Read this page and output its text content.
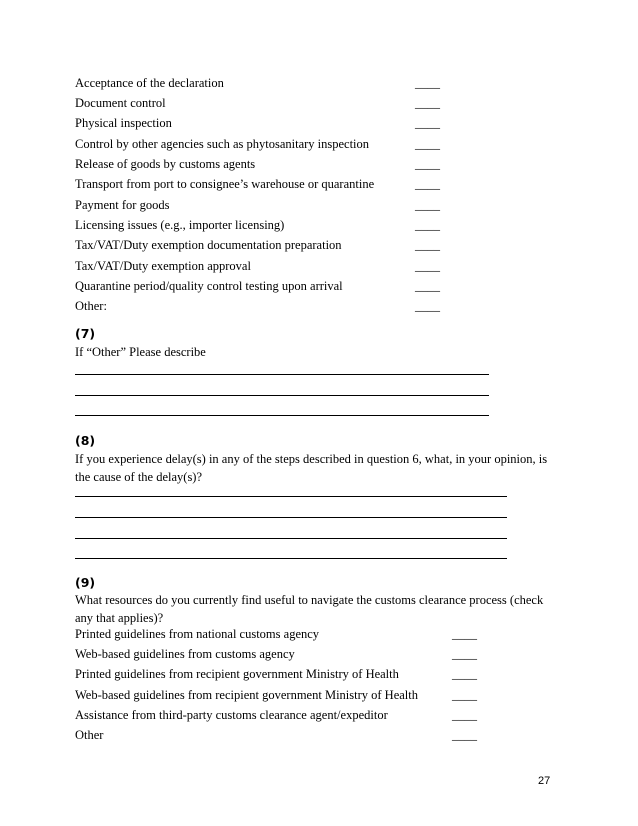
Acceptance of the declaration	____
Document control	____
Physical inspection	____
Control by other agencies such as phytosanitary inspection	____
Release of goods by customs agents	____
Transport from port to consignee’s warehouse or quarantine	____
Payment for goods	____
Licensing issues (e.g., importer licensing)	____
Tax/VAT/Duty exemption documentation preparation	____
Tax/VAT/Duty exemption approval	____
Quarantine period/quality control testing upon arrival	____
Other:	____
(7)
If “Other” Please describe
(8)
If you experience delay(s) in any of the steps described in question 6, what, in your opinion, is the cause of the delay(s)?
(9)
What resources do you currently find useful to navigate the customs clearance process (check any that applies)?
Printed guidelines from national customs agency	____
Web-based guidelines from customs agency	____
Printed guidelines from recipient government Ministry of Health	____
Web-based guidelines from recipient government Ministry of Health	____
Assistance from third-party customs clearance agent/expeditor	____
Other	____
27
